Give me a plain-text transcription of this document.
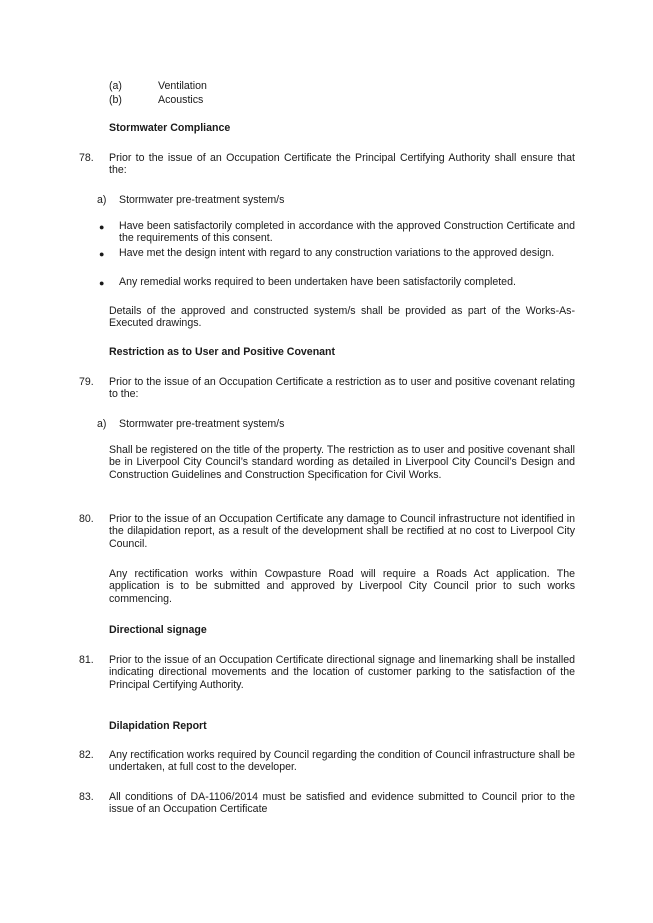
(a)	Ventilation
(b)	Acoustics
Stormwater Compliance
78. Prior to the issue of an Occupation Certificate the Principal Certifying Authority shall ensure that the:
a) Stormwater pre-treatment system/s
● Have been satisfactorily completed in accordance with the approved Construction Certificate and the requirements of this consent.
● Have met the design intent with regard to any construction variations to the approved design.
● Any remedial works required to been undertaken have been satisfactorily completed.
Details of the approved and constructed system/s shall be provided as part of the Works-As-Executed drawings.
Restriction as to User and Positive Covenant
79. Prior to the issue of an Occupation Certificate a restriction as to user and positive covenant relating to the:
a) Stormwater pre-treatment system/s
Shall be registered on the title of the property. The restriction as to user and positive covenant shall be in Liverpool City Council’s standard wording as detailed in Liverpool City Council’s Design and Construction Guidelines and Construction Specification for Civil Works.
80. Prior to the issue of an Occupation Certificate any damage to Council infrastructure not identified in the dilapidation report, as a result of the development shall be rectified at no cost to Liverpool City Council.
Any rectification works within Cowpasture Road will require a Roads Act application. The application is to be submitted and approved by Liverpool City Council prior to such works commencing.
Directional signage
81. Prior to the issue of an Occupation Certificate directional signage and linemarking shall be installed indicating directional movements and the location of customer parking to the satisfaction of the Principal Certifying Authority.
Dilapidation Report
82. Any rectification works required by Council regarding the condition of Council infrastructure shall be undertaken, at full cost to the developer.
83. All conditions of DA-1106/2014 must be satisfied and evidence submitted to Council prior to the issue of an Occupation Certificate
